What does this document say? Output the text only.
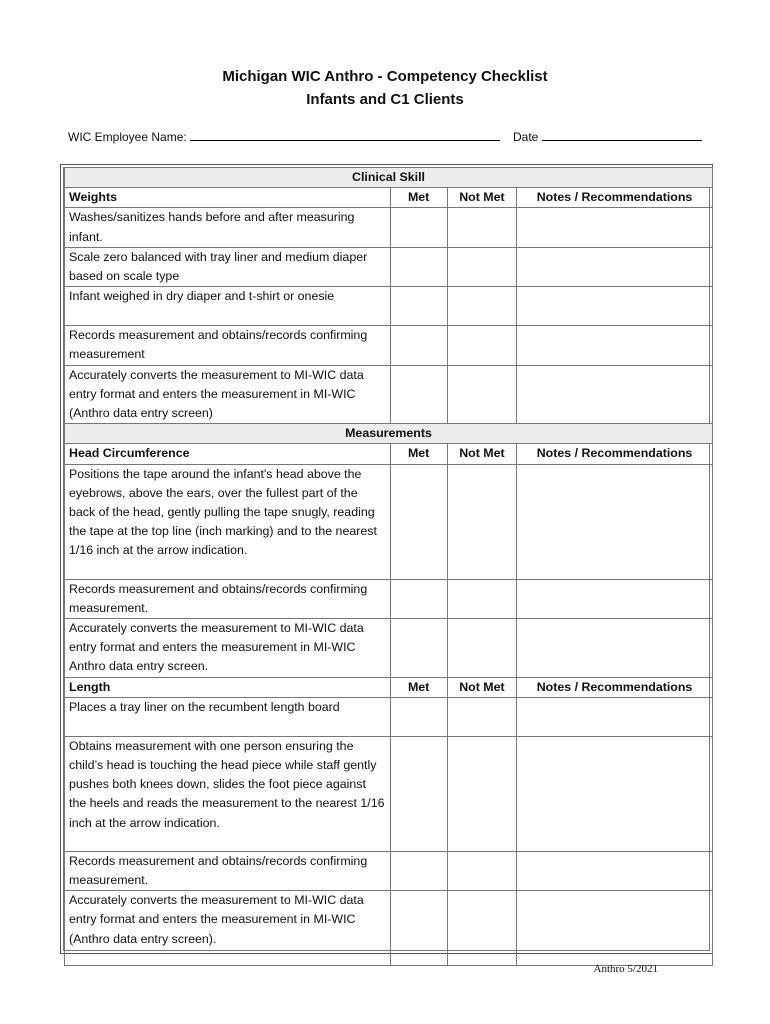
Michigan WIC Anthro - Competency Checklist
Infants and C1 Clients
WIC Employee Name:	Date
Clinical Skill			
Weights	Met	Not Met	Notes / Recommendations
Washes/sanitizes hands before and after measuring infant.			
Scale zero balanced with tray liner and medium diaper based on scale type			
Infant weighed in dry diaper and t-shirt or onesie			
Records measurement and obtains/records confirming measurement			
Accurately converts the measurement to MI-WIC data entry format and enters the measurement in MI-WIC (Anthro data entry screen)			
Measurements			
Head Circumference	Met	Not Met	Notes / Recommendations
Positions the tape around the infant's head above the eyebrows, above the ears, over the fullest part of the back of the head, gently pulling the tape snugly, reading the tape at the top line (inch marking) and to the nearest 1/16 inch at the arrow indication.			
Records measurement and obtains/records confirming measurement.			
Accurately converts the measurement to MI-WIC data entry format and enters the measurement in MI-WIC Anthro data entry screen.			
Length	Met	Not Met	Notes / Recommendations
Places a tray liner on the recumbent length board			
Obtains measurement with one person ensuring the child’s head is touching the head piece while staff gently pushes both knees down, slides the foot piece against the heels and reads the measurement to the nearest 1/16 inch at the arrow indication.			
Records measurement and obtains/records confirming measurement.			
Accurately converts the measurement to MI-WIC data entry format and enters the measurement in MI-WIC (Anthro data entry screen).			
Anthro 5/2021
